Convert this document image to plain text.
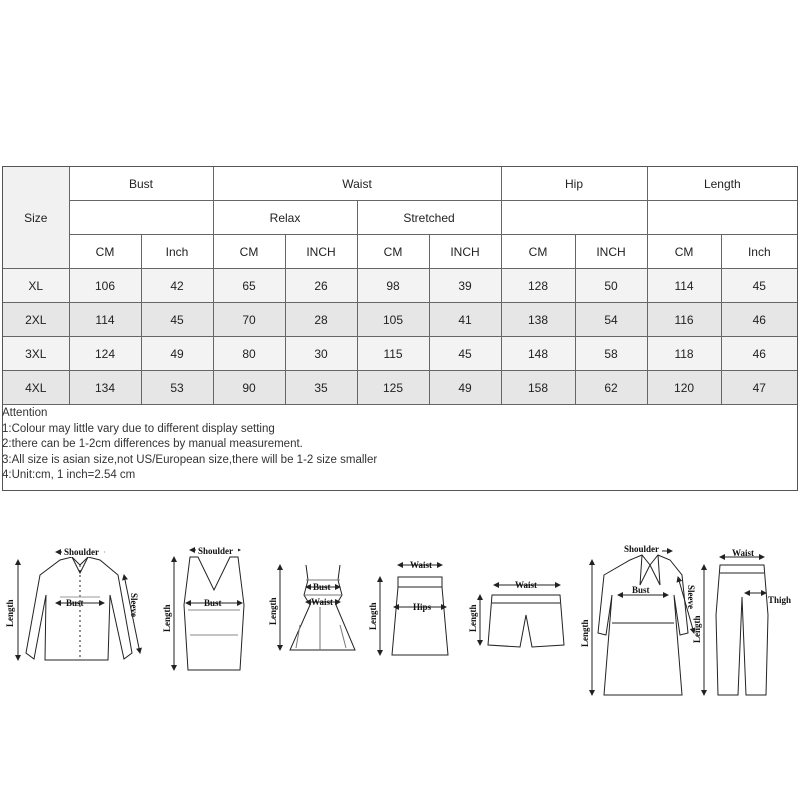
Size	Bust		Waist				Hip		Length	
			Relax		Stretched					
	CM	Inch	CM	INCH	CM	INCH	CM	INCH	CM	Inch
XL	106	42	65	26	98	39	128	50	114	45
2XL	114	45	70	28	105	41	138	54	116	46
3XL	124	49	80	30	115	45	148	58	118	46
4XL	134	53	90	35	125	49	158	62	120	47
Attention
1:Colour may little vary due to different display setting
2:there can be 1-2cm differences by manual measurement.
3:All size is asian size,not US/European size,there will be 1-2 size smaller
4:Unit:cm, 1 inch=2.54 cm
Shoulder
Bust
Length	Sleeve
Shoulder
Bust
Length
Bust
Waist
Length
Waist
Hips
Length
Waist
Length
Shoulder
Bust
Length
Sleeve
Waist
Thigh
Length
